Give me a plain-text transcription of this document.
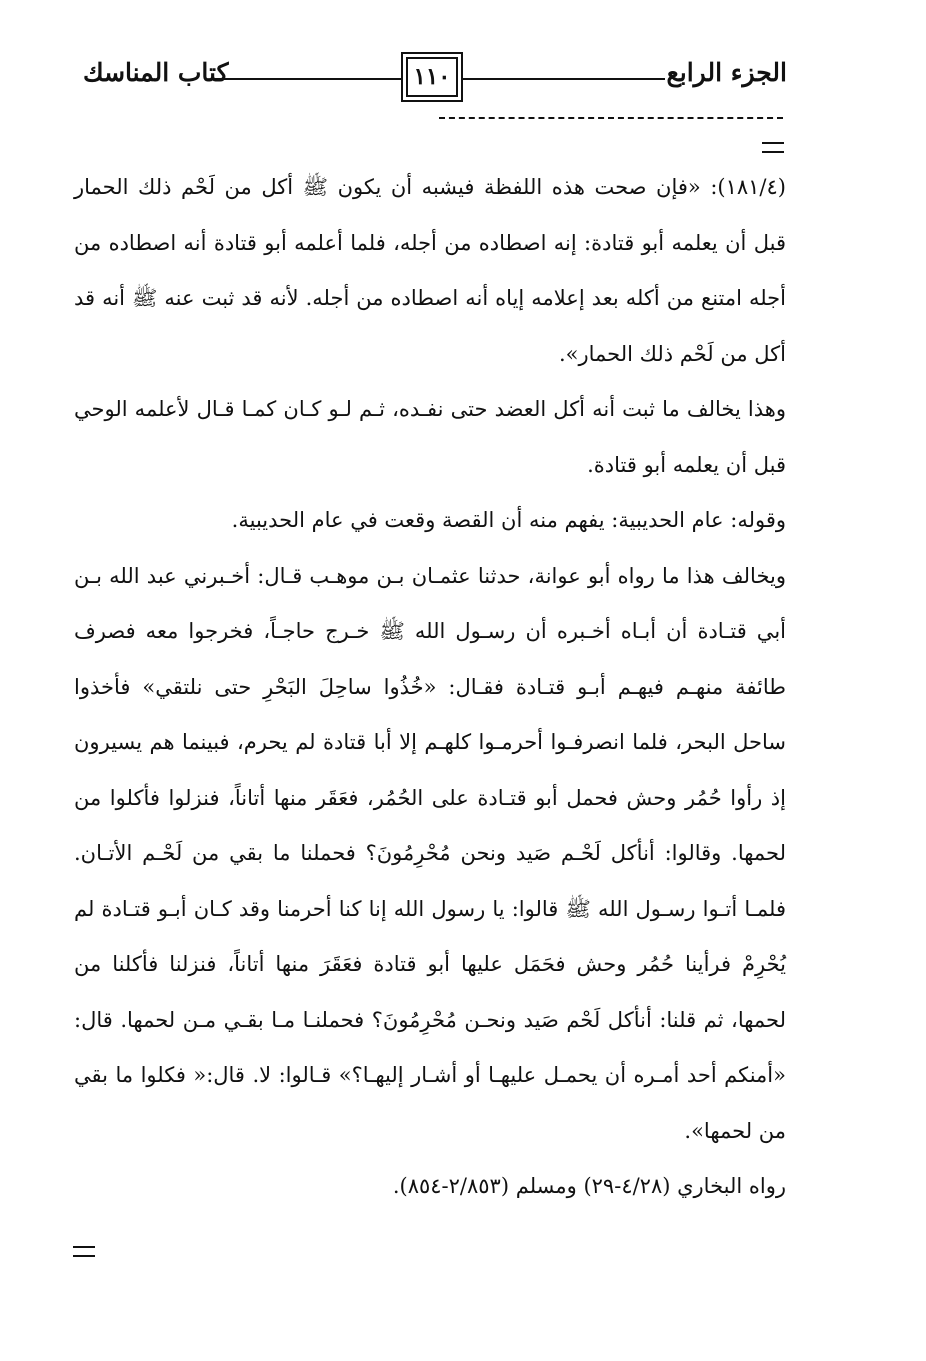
الجزء الرابع
١١٠
كتاب المناسك

(١٨١/٤): «فإن صحت هذه اللفظة فيشبه أن يكون ﷺ أكل من لَحْم ذلك الحمار قبل أن يعلمه أبو قتادة: إنه اصطاده من أجله، فلما أعلمه أبو قتادة أنه اصطاده من أجله امتنع من أكله بعد إعلامه إياه أنه اصطاده من أجله. لأنه قد ثبت عنه ﷺ أنه قد أكل من لَحْم ذلك الحمار».

وهذا يخالف ما ثبت أنه أكل العضد حتى نفـده، ثـم لـو كـان كمـا قـال لأعلمه الوحي قبل أن يعلمه أبو قتادة.

وقوله: عام الحديبية: يفهم منه أن القصة وقعت في عام الحديبية.

ويخالف هذا ما رواه أبو عوانة، حدثنا عثمـان بـن موهـب قـال: أخـبرني عبد الله بـن أبي قتـادة أن أبـاه أخـبره أن رسـول الله ﷺ خـرج حاجـاً، فخرجوا معه فصرف طائفة منهـم فيهـم أبـو قتـادة فقـال: «خُذُوا ساحِلَ البَحْرِ حتى نلتقي» فأخذوا ساحل البحر، فلما انصرفـوا أحرمـوا كلهـم إلا أبا قتادة لم يحرم، فبينما هم يسيرون إذ رأوا حُمُر وحش فحمل أبو قتـادة على الحُمُر، فعَقَر منها أتاناً، فنزلوا فأكلوا من لحمها. وقالوا: أنأكل لَحْـم صَيد ونحن مُحْرِمُونَ؟ فحملنا ما بقي من لَحْـم الأتـان. فلمـا أتـوا رسـول الله ﷺ قالوا: يا رسول الله إنا كنا أحرمنا وقد كـان أبـو قتـادة لم يُحْرِمْ فرأينا حُمُر وحش فحَمَل عليها أبو قتادة فعَقَرَ منها أتاناً، فنزلنا فأكلنا من لحمها، ثم قلنا: أنأكل لَحْم صَيد ونحـن مُحْرِمُونَ؟ فحملنـا مـا بقـي مـن لحمها. قال: «أمنكم أحد أمـره أن يحمـل عليهـا أو أشـار إليهـا؟» قـالوا: لا. قال:« فكلوا ما بقي من لحمها».

رواه البخاري (٤/٢٨-٢٩) ومسلم (٢/٨٥٣-٨٥٤).
